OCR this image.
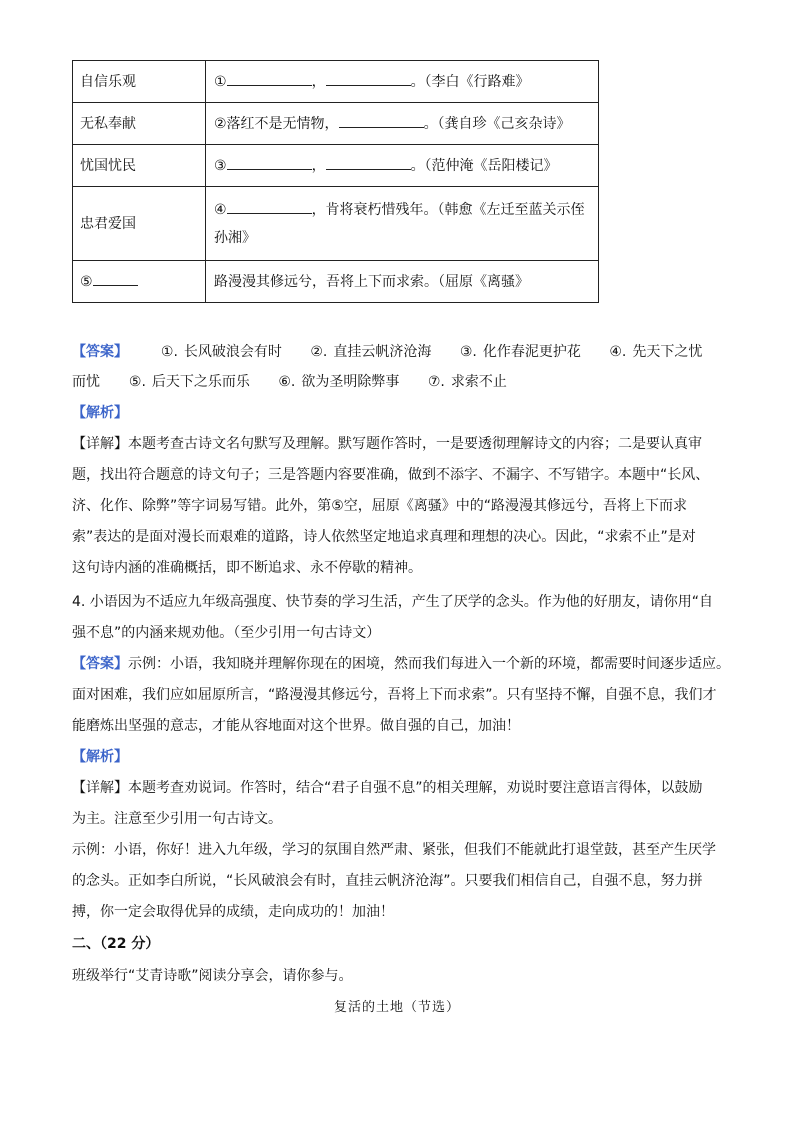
自信乐观	① ， 。（李白《行路难》
无私奉献	②落红不是无情物， 。（龚自珍《己亥杂诗》
忧国忧民	③ ， 。（范仲淹《岳阳楼记》
忠君爱国	④ ，肯将衰朽惜残年。（韩愈《左迁至蓝关示侄
孙湘》
⑤	路漫漫其修远兮，吾将上下而求索。（屈原《离骚》
【答案】 ①. 长风破浪会有时 ②. 直挂云帆济沧海 ③. 化作春泥更护花 ④. 先天下之忧
而忧 ⑤. 后天下之乐而乐 ⑥. 欲为圣明除弊事 ⑦. 求索不止
【解析】
【详解】本题考查古诗文名句默写及理解。默写题作答时，一是要透彻理解诗文的内容；二是要认真审
题，找出符合题意的诗文句子；三是答题内容要准确，做到不添字、不漏字、不写错字。本题中“长风、
济、化作、除弊”等字词易写错。此外，第⑤空，屈原《离骚》中的“路漫漫其修远兮，吾将上下而求
索”表达的是面对漫长而艰难的道路，诗人依然坚定地追求真理和理想的决心。因此，“求索不止”是对
这句诗内涵的准确概括，即不断追求、永不停歇的精神。
4. 小语因为不适应九年级高强度、快节奏的学习生活，产生了厌学的念头。作为他的好朋友，请你用“自
强不息”的内涵来规劝他。（至少引用一句古诗文）
【答案】示例：小语，我知晓并理解你现在的困境，然而我们每进入一个新的环境，都需要时间逐步适应。
面对困难，我们应如屈原所言，“路漫漫其修远兮，吾将上下而求索”。只有坚持不懈，自强不息，我们才
能磨炼出坚强的意志，才能从容地面对这个世界。做自强的自己，加油！
【解析】
【详解】本题考查劝说词。作答时，结合“君子自强不息”的相关理解，劝说时要注意语言得体，以鼓励
为主。注意至少引用一句古诗文。
示例：小语，你好！进入九年级，学习的氛围自然严肃、紧张，但我们不能就此打退堂鼓，甚至产生厌学
的念头。正如李白所说，“长风破浪会有时，直挂云帆济沧海”。只要我们相信自己，自强不息，努力拼
搏，你一定会取得优异的成绩，走向成功的！加油！
二、（22 分）
班级举行“艾青诗歌”阅读分享会，请你参与。
复活的土地（节选）
